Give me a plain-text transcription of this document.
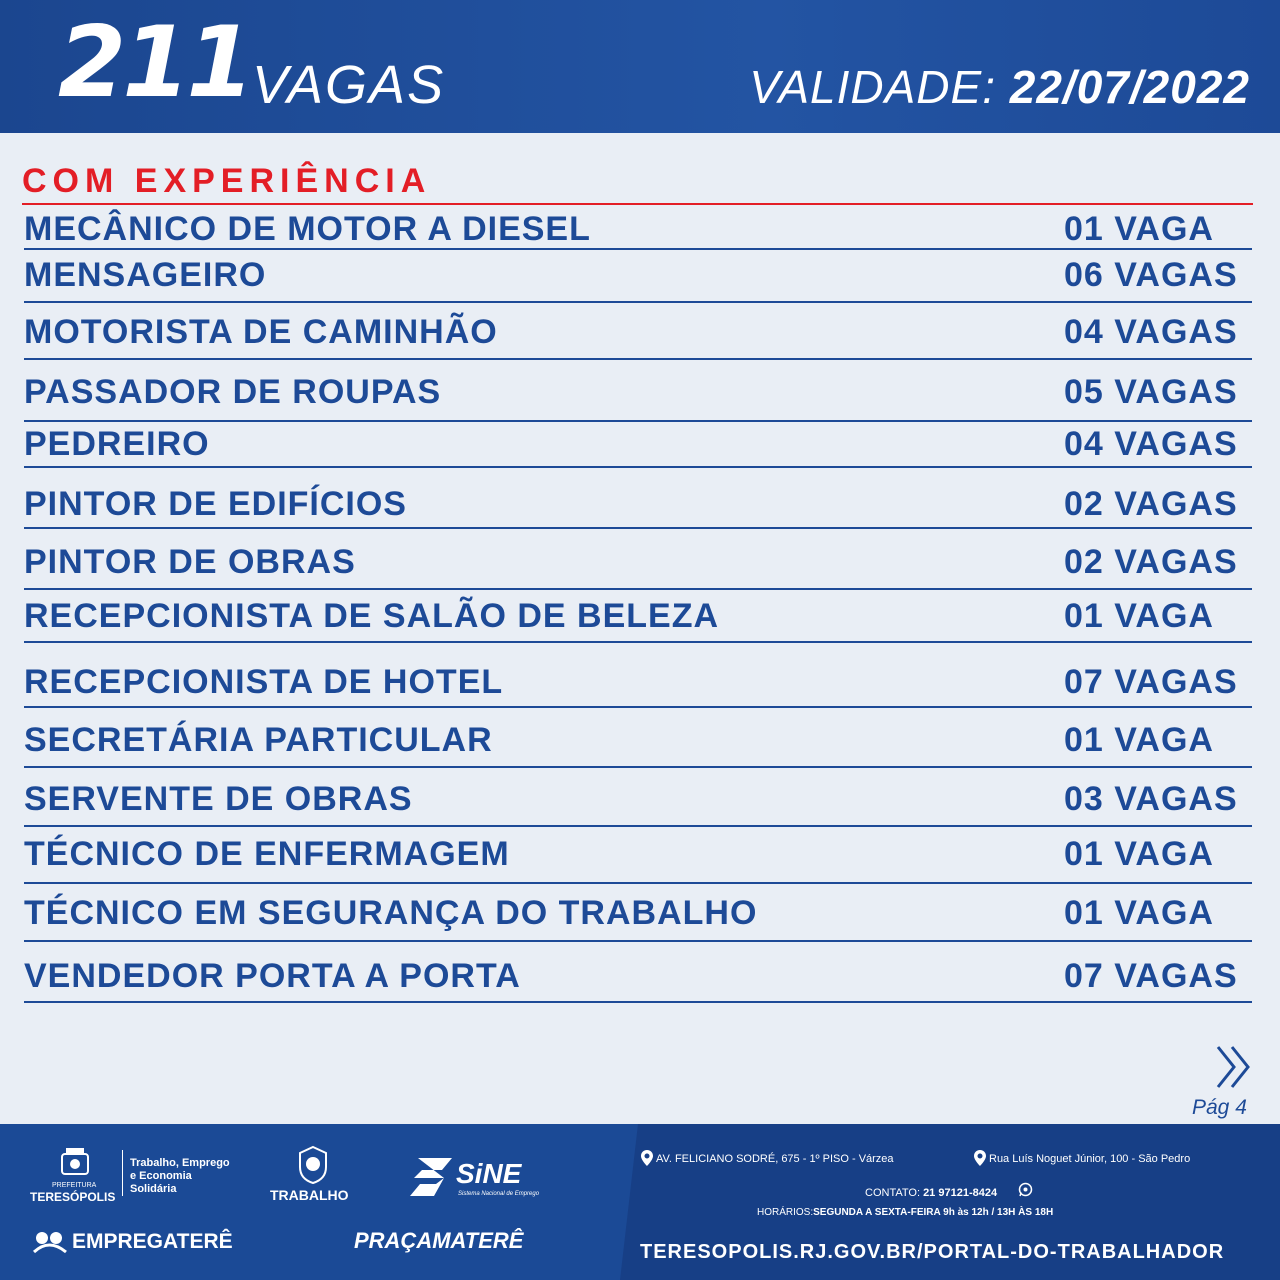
211 VAGAS	VALIDADE: 22/07/2022
COM EXPERIÊNCIA
MECÂNICO DE MOTOR A DIESEL	01 VAGA
MENSAGEIRO	06 VAGAS
MOTORISTA DE CAMINHÃO	04 VAGAS
PASSADOR DE ROUPAS	05 VAGAS
PEDREIRO	04 VAGAS
PINTOR DE EDIFÍCIOS	02 VAGAS
PINTOR DE OBRAS	02 VAGAS
RECEPCIONISTA DE SALÃO DE BELEZA	01 VAGA
RECEPCIONISTA DE HOTEL	07 VAGAS
SECRETÁRIA PARTICULAR	01 VAGA
SERVENTE DE OBRAS	03 VAGAS
TÉCNICO DE ENFERMAGEM	01 VAGA
TÉCNICO EM SEGURANÇA DO TRABALHO	01 VAGA
VENDEDOR PORTA A PORTA	07 VAGAS
Pág 4
PREFEITURA
TERESÓPOLIS
Trabalho, Emprego
e Economia
Solidária	TRABALHO
SiNE
Sistema Nacional de Emprego
EMPREGATERÊ	PRAÇAMATERÊ
AV. FELICIANO SODRÉ, 675 - 1º PISO - Várzea	Rua Luís Noguet Júnior, 100 - São Pedro
CONTATO: 21 97121-8424
HORÁRIOS:SEGUNDA A SEXTA-FEIRA 9h às 12h / 13H ÀS 18H
TERESOPOLIS.RJ.GOV.BR/PORTAL-DO-TRABALHADOR
